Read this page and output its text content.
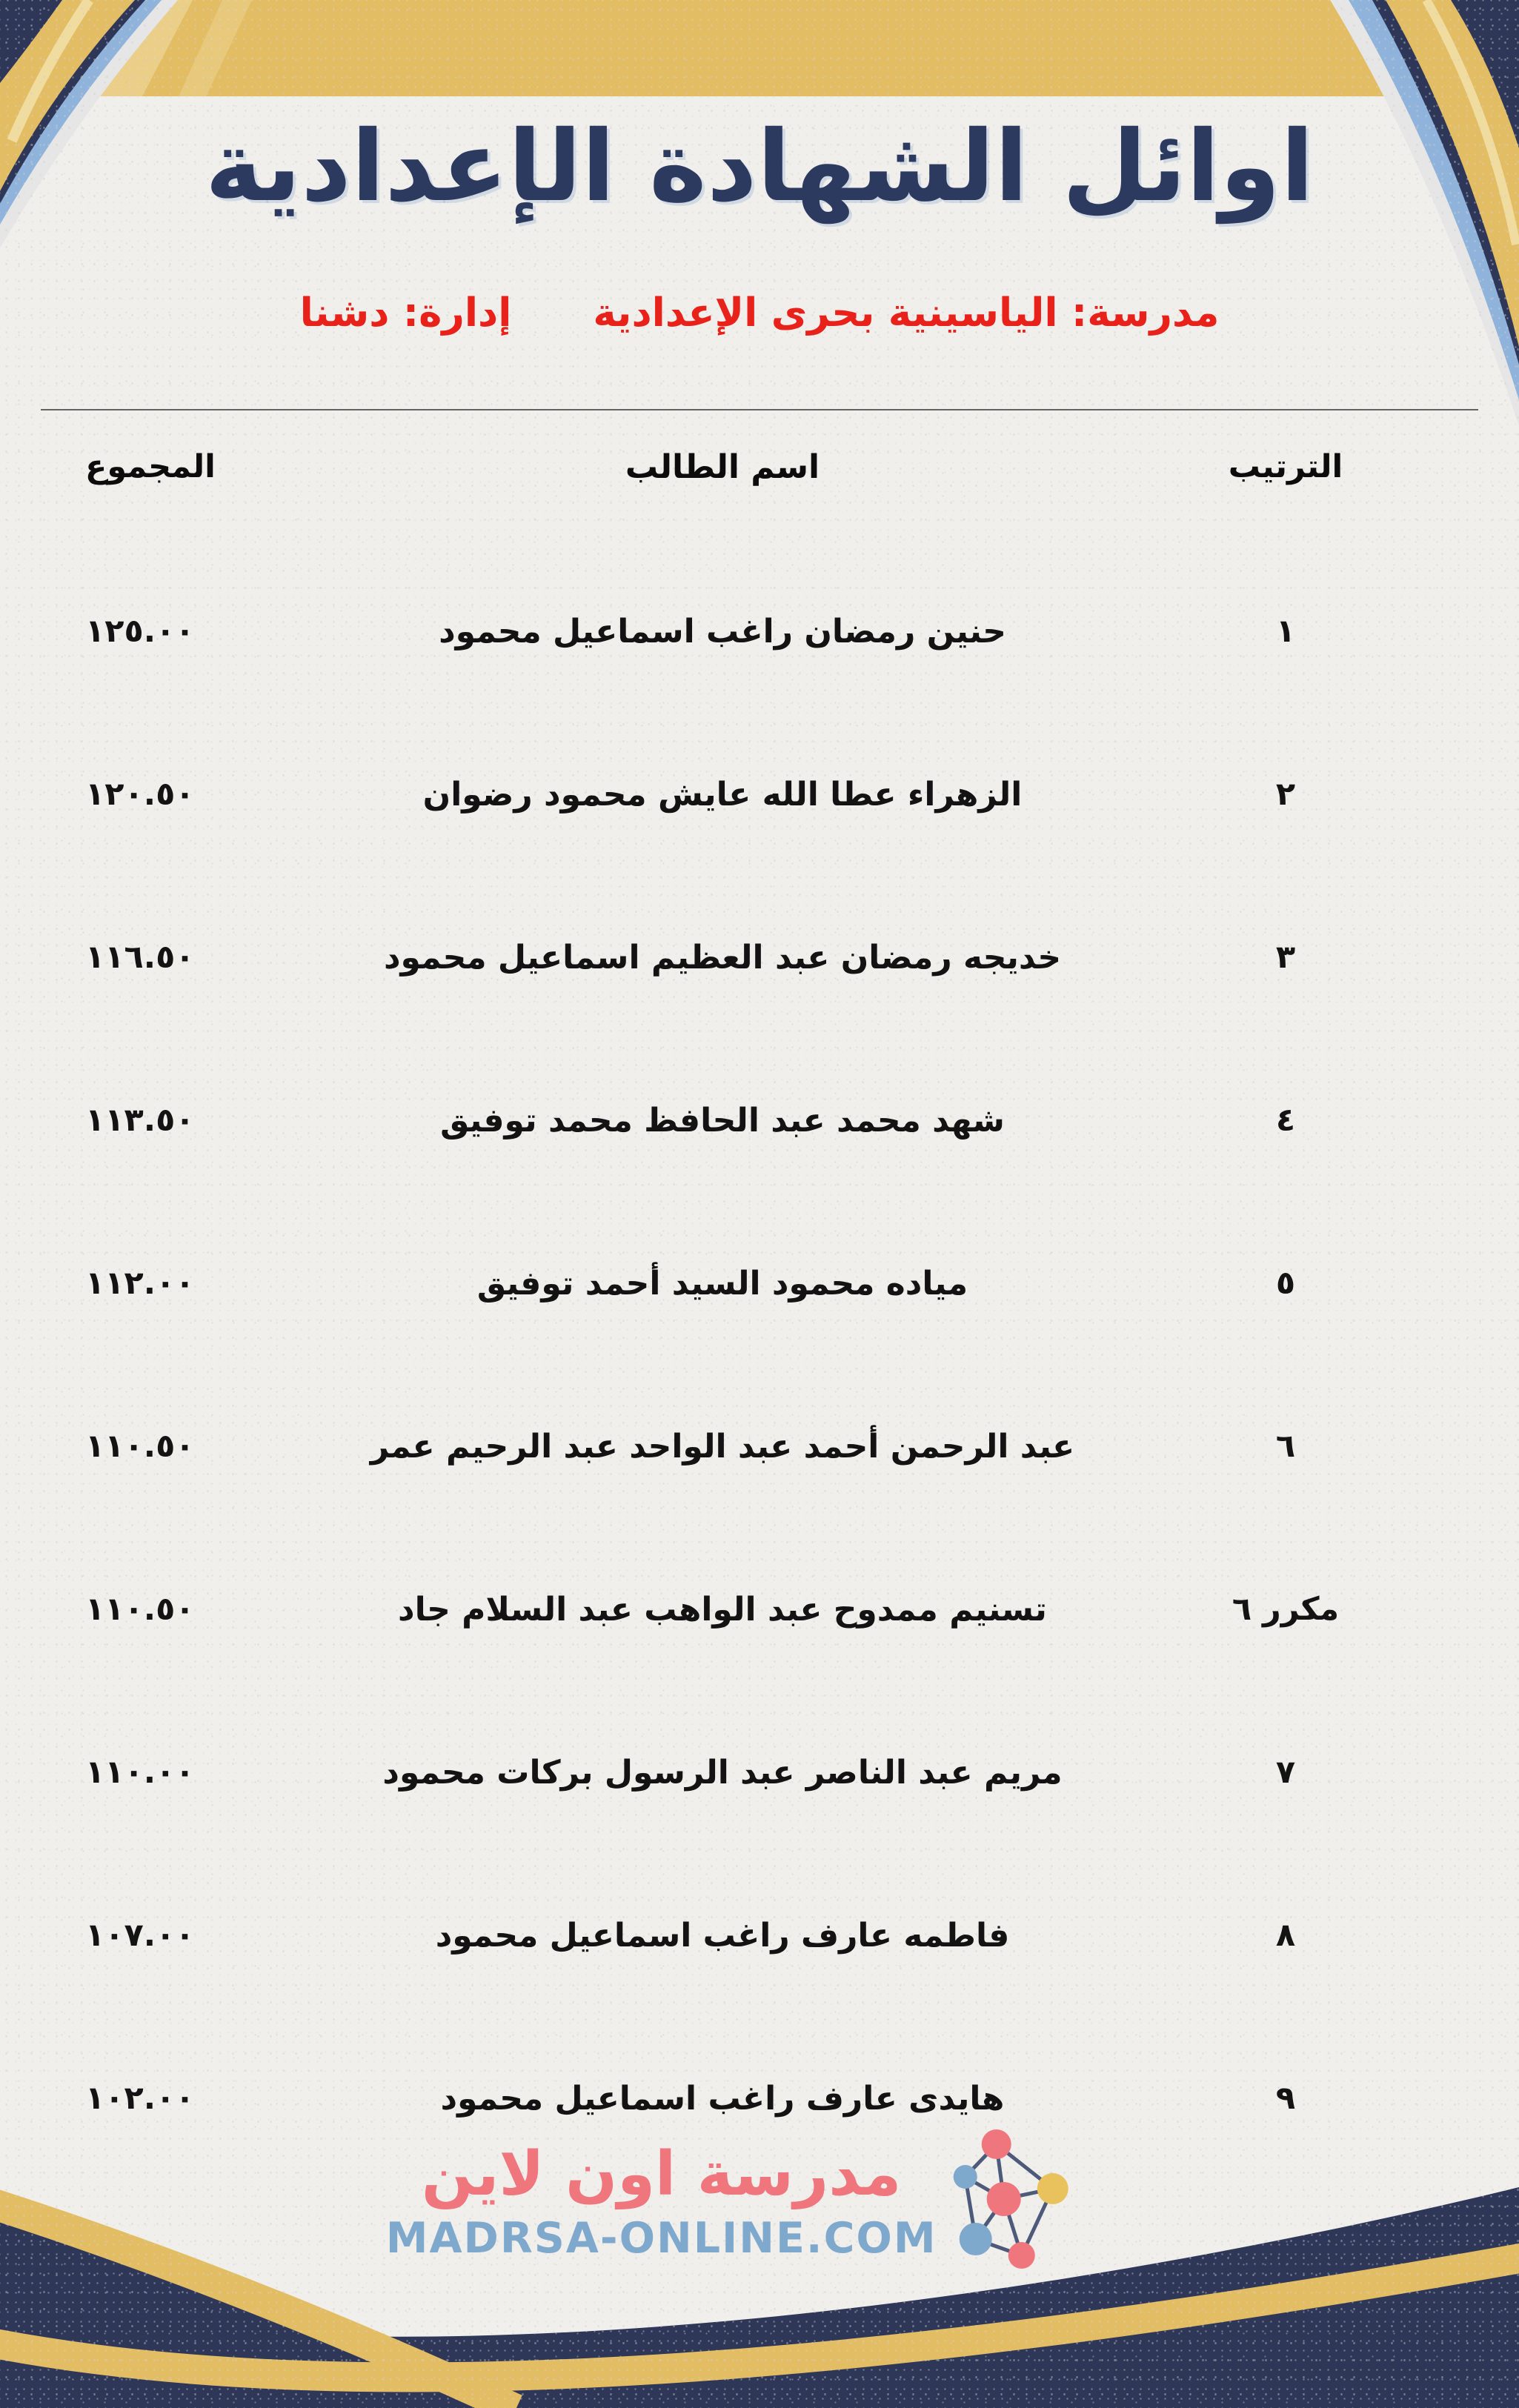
اوائل الشهادة الإعدادية
مدرسة: الياسينية بحرى الإعدادية
إدارة: دشنا
الترتيب
اسم الطالب
المجموع
١
حنين رمضان راغب اسماعيل محمود
١٢٥.٠٠
٢
الزهراء عطا الله عايش محمود رضوان
١٢٠.٥٠
٣
خديجه رمضان عبد العظيم اسماعيل محمود
١١٦.٥٠
٤
شهد محمد عبد الحافظ محمد توفيق
١١٣.٥٠
٥
مياده محمود السيد أحمد توفيق
١١٢.٠٠
٦
عبد الرحمن أحمد عبد الواحد عبد الرحيم عمر
١١٠.٥٠
مكرر ٦
تسنيم ممدوح عبد الواهب عبد السلام جاد
١١٠.٥٠
٧
مريم عبد الناصر عبد الرسول بركات محمود
١١٠.٠٠
٨
فاطمه عارف راغب اسماعيل محمود
١٠٧.٠٠
٩
هايدى عارف راغب اسماعيل محمود
١٠٢.٠٠
مدرسة اون لاين
MADRSA-ONLINE.COM
